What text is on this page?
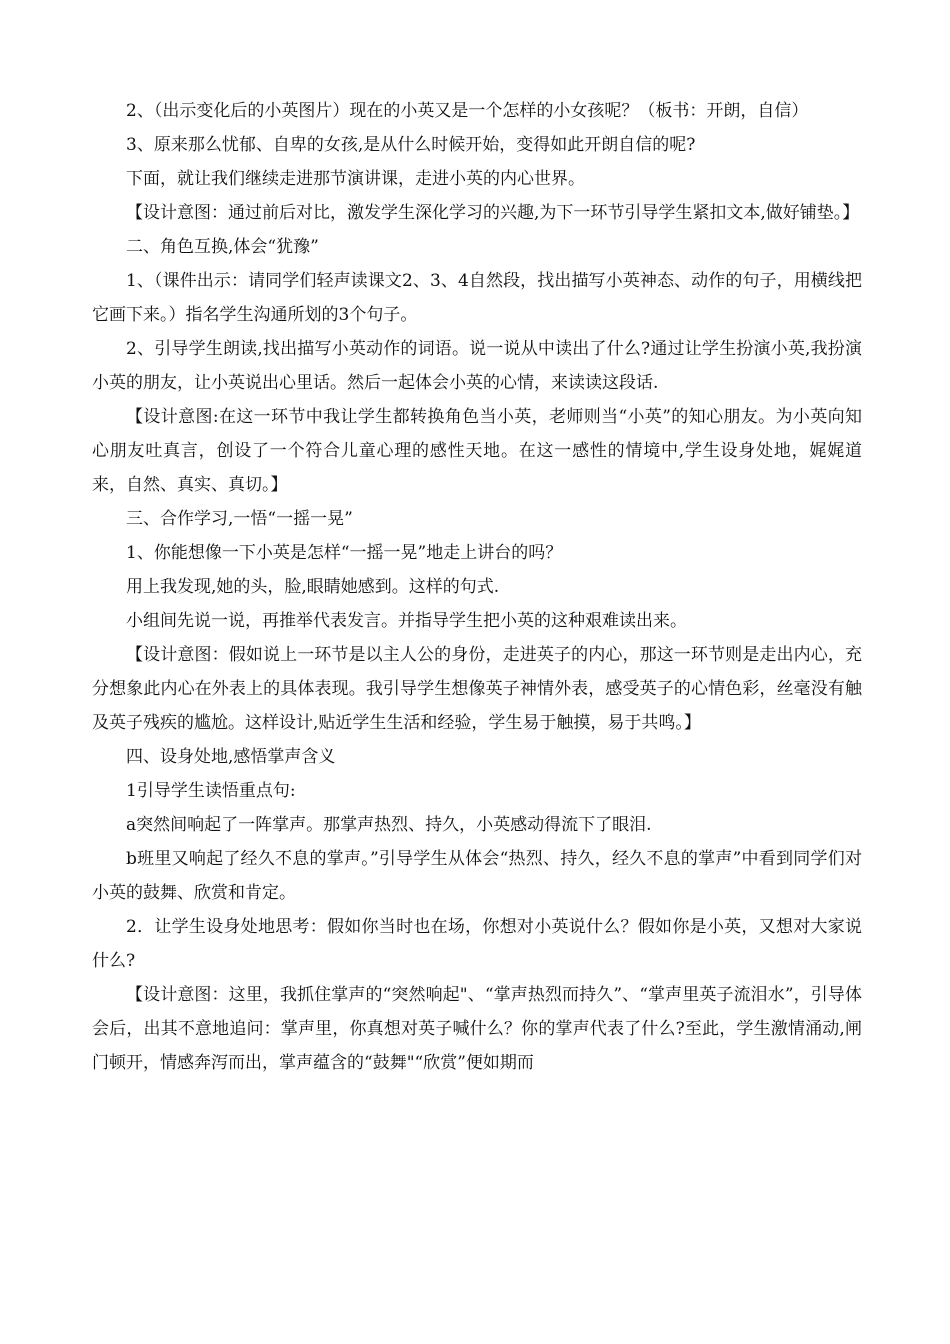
2、（出示变化后的小英图片）现在的小英又是一个怎样的小女孩呢？（板书：开朗，自信）

3、原来那么忧郁、自卑的女孩,是从什么时候开始，变得如此开朗自信的呢?

下面，就让我们继续走进那节演讲课，走进小英的内心世界。

【设计意图：通过前后对比，激发学生深化学习的兴趣,为下一环节引导学生紧扣文本,做好铺垫。】

二、角色互换,体会“犹豫”

1、（课件出示：请同学们轻声读课文2、3、4自然段，找出描写小英神态、动作的句子，用横线把它画下来。）指名学生沟通所划的3个句子。

2、引导学生朗读,找出描写小英动作的词语。说一说从中读出了什么?通过让学生扮演小英,我扮演小英的朋友，让小英说出心里话。然后一起体会小英的心情，来读读这段话.

【设计意图:在这一环节中我让学生都转换角色当小英，老师则当“小英”的知心朋友。为小英向知心朋友吐真言，创设了一个符合儿童心理的感性天地。在这一感性的情境中,学生设身处地，娓娓道来，自然、真实、真切。】

三、合作学习,一悟“一摇一晃”

1、你能想像一下小英是怎样“一摇一晃”地走上讲台的吗？

用上我发现,她的头，脸,眼睛她感到。这样的句式.

小组间先说一说，再推举代表发言。并指导学生把小英的这种艰难读出来。

【设计意图：假如说上一环节是以主人公的身份，走进英子的内心，那这一环节则是走出内心，充分想象此内心在外表上的具体表现。我引导学生想像英子神情外表，感受英子的心情色彩，丝毫没有触及英子残疾的尴尬。这样设计,贴近学生生活和经验，学生易于触摸，易于共鸣。】

四、设身处地,感悟掌声含义

1引导学生读悟重点句:

a突然间响起了一阵掌声。那掌声热烈、持久，小英感动得流下了眼泪.

b班里又响起了经久不息的掌声。”引导学生从体会“热烈、持久，经久不息的掌声”中看到同学们对小英的鼓舞、欣赏和肯定。

2．让学生设身处地思考：假如你当时也在场，你想对小英说什么？假如你是小英，又想对大家说什么?

【设计意图：这里，我抓住掌声的“突然响起"、“掌声热烈而持久”、“掌声里英子流泪水”，引导体会后，出其不意地追问：掌声里，你真想对英子喊什么？你的掌声代表了什么?至此，学生激情涌动,闸门顿开，情感奔泻而出，掌声蕴含的“鼓舞"“欣赏”便如期而
